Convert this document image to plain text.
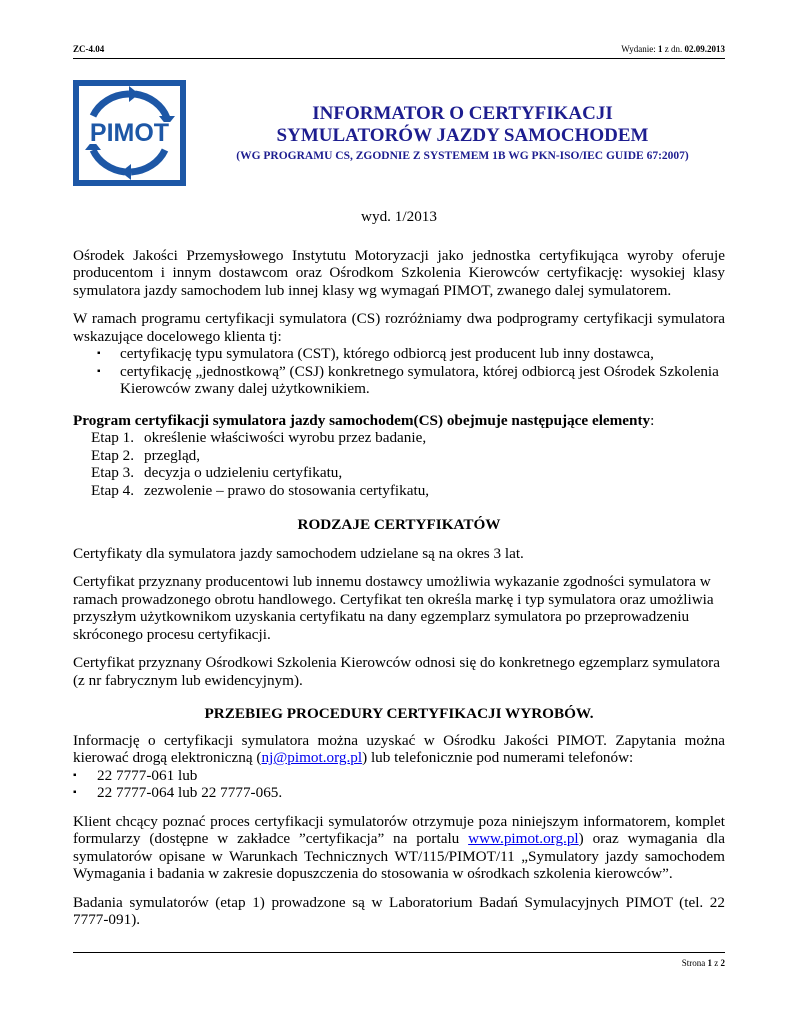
ZC-4.04	Wydanie: 1 z dn. 02.09.2013
PIMOT
INFORMATOR O CERTYFIKACJI
SYMULATORÓW JAZDY SAMOCHODEM
(WG PROGRAMU CS, ZGODNIE Z SYSTEMEM 1B WG PKN-ISO/IEC GUIDE 67:2007)

wyd. 1/2013

Ośrodek Jakości Przemysłowego Instytutu Motoryzacji jako jednostka certyfikująca wyroby oferuje producentom i innym dostawcom oraz Ośrodkom Szkolenia Kierowców certyfikację: wysokiej klasy symulatora jazdy samochodem lub innej klasy wg wymagań PIMOT, zwanego dalej symulatorem.

W ramach programu certyfikacji symulatora (CS) rozróżniamy dwa podprogramy certyfikacji symulatora wskazujące docelowego klienta tj:

▪ certyfikację typu symulatora (CST), którego odbiorcą jest producent lub inny dostawca,
▪ certyfikację „jednostkową” (CSJ) konkretnego symulatora, której odbiorcą jest Ośrodek Szkolenia Kierowców zwany dalej użytkownikiem.

Program certyfikacji symulatora jazdy samochodem(CS) obejmuje następujące elementy:

Etap 1. określenie właściwości wyrobu przez badanie,
Etap 2. przegląd,
Etap 3. decyzja o udzieleniu certyfikatu,
Etap 4. zezwolenie – prawo do stosowania certyfikatu,

RODZAJE CERTYFIKATÓW

Certyfikaty dla symulatora jazdy samochodem udzielane są na okres 3 lat.

Certyfikat przyznany producentowi lub innemu dostawcy umożliwia wykazanie zgodności symulatora w ramach prowadzonego obrotu handlowego. Certyfikat ten określa markę i typ symulatora oraz umożliwia przyszłym użytkownikom uzyskania certyfikatu na dany egzemplarz symulatora po przeprowadzeniu skróconego procesu certyfikacji.

Certyfikat przyznany Ośrodkowi Szkolenia Kierowców odnosi się do konkretnego egzemplarz symulatora (z nr fabrycznym lub ewidencyjnym).

PRZEBIEG PROCEDURY CERTYFIKACJI WYROBÓW.

Informację o certyfikacji symulatora można uzyskać w Ośrodku Jakości PIMOT. Zapytania można kierować drogą elektroniczną (nj@pimot.org.pl) lub telefonicznie pod numerami telefonów:

▪ 22 7777-061 lub
▪ 22 7777-064 lub 22 7777-065.

Klient chcący poznać proces certyfikacji symulatorów otrzymuje poza niniejszym informatorem, komplet formularzy (dostępne w zakładce ”certyfikacja” na portalu www.pimot.org.pl) oraz wymagania dla symulatorów opisane w Warunkach Technicznych WT/115/PIMOT/11 „Symulatory jazdy samochodem Wymagania i badania w zakresie dopuszczenia do stosowania w ośrodkach szkolenia kierowców”.

Badania symulatorów (etap 1) prowadzone są w Laboratorium Badań Symulacyjnych PIMOT (tel. 22 7777-091).

Strona 1 z 2
